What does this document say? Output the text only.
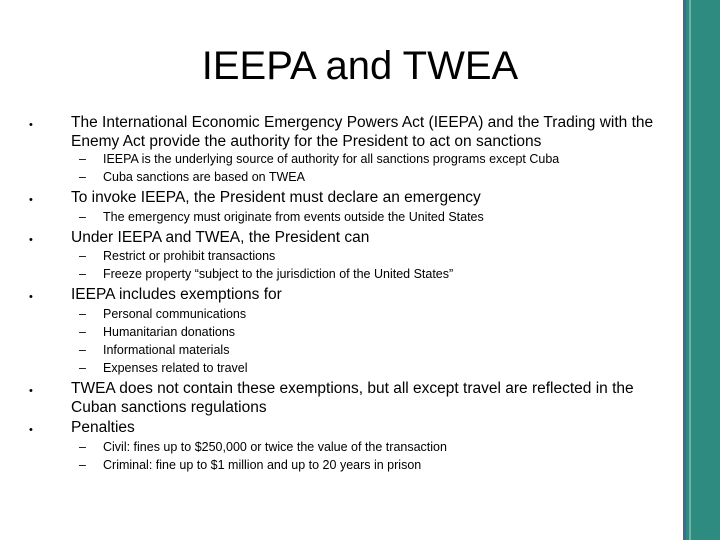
IEEPA and TWEA
• The International Economic Emergency Powers Act (IEEPA) and the Trading with the Enemy Act provide the authority for the President to act on sanctions
– IEEPA is the underlying source of authority for all sanctions programs except Cuba
– Cuba sanctions are based on TWEA
• To invoke IEEPA, the President must declare an emergency
– The emergency must originate from events outside the United States
• Under IEEPA and TWEA, the President can
– Restrict or prohibit transactions
– Freeze property “subject to the jurisdiction of the United States”
• IEEPA includes exemptions for
– Personal communications
– Humanitarian donations
– Informational materials
– Expenses related to travel
• TWEA does not contain these exemptions, but all except travel are reflected in the Cuban sanctions regulations
• Penalties
– Civil: fines up to $250,000 or twice the value of the transaction
– Criminal: fine up to $1 million and up to 20 years in prison
